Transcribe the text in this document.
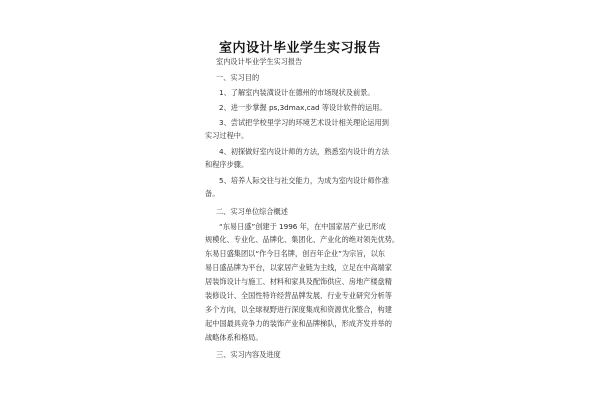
室内设计毕业学生实习报告
室内设计毕业学生实习报告
一、实习目的
1、了解室内装潢设计在德州的市场现状及前景。
2、进一步掌握 ps,3dmax,cad 等设计软件的运用。
3、尝试把学校里学习的环境艺术设计相关理论运用到
实习过程中。
4、初探做好室内设计师的方法，熟悉室内设计的方法
和程序步骤。
5、培养人际交往与社交能力，为成为室内设计师作准
备。
二、实习单位综合概述
“东易日盛”创建于 1996 年，在中国家居产业已形成
规模化、专业化、品牌化、集团化、产业化的绝对领先优势。
东易日盛集团以“作今日名牌，创百年企业”为宗旨，以东
易日盛品牌为平台，以家居产业链为主线，立足在中高端家
居装饰设计与施工、材料和家具及配饰供应、房地产楼盘精
装修设计、全国性特许经营品牌发展、行业专业研究分析等
多个方向，以全球视野进行深度集成和资源优化整合，构建
起中国最具竞争力的装饰产业和品牌梯队，形成齐发并举的
战略体系和格局。
三、实习内容及进度
